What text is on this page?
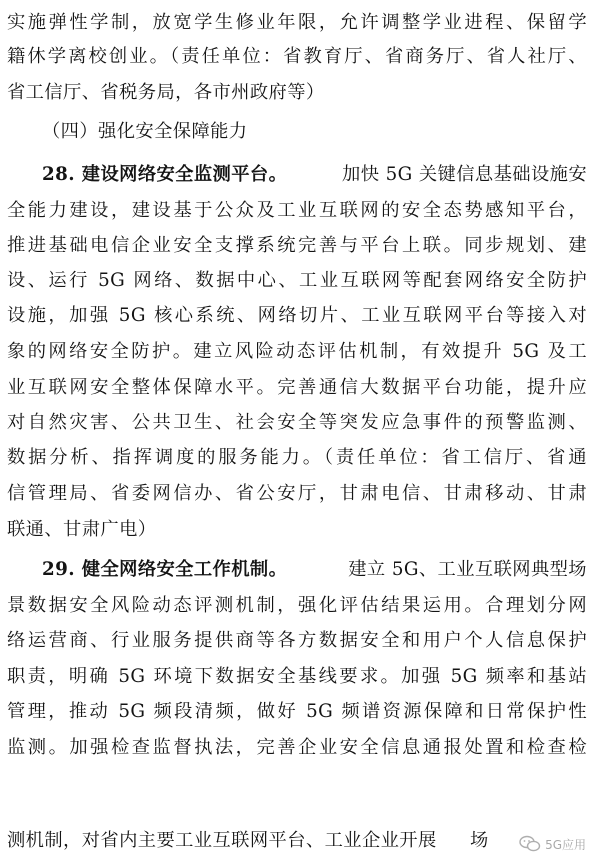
实施弹性学制，放宽学生修业年限，允许调整学业进程、保留学
籍休学离校创业。（责任单位：省教育厅、省商务厅、省人社厅、
省工信厅、省税务局，各市州政府等）
（四）强化安全保障能力
28. 建设网络安全监测平台。	加快 5G 关键信息基础设施安
全能力建设，建设基于公众及工业互联网的安全态势感知平台，
推进基础电信企业安全支撑系统完善与平台上联。同步规划、建
设、运行 5G 网络、数据中心、工业互联网等配套网络安全防护
设施，加强 5G 核心系统、网络切片、工业互联网平台等接入对
象的网络安全防护。建立风险动态评估机制，有效提升 5G 及工
业互联网安全整体保障水平。完善通信大数据平台功能，提升应
对自然灾害、公共卫生、社会安全等突发应急事件的预警监测、
数据分析、指挥调度的服务能力。（责任单位：省工信厅、省通
信管理局、省委网信办、省公安厅，甘肃电信、甘肃移动、甘肃
联通、甘肃广电）
29. 健全网络安全工作机制。	建立 5G、工业互联网典型场
景数据安全风险动态评测机制，强化评估结果运用。合理划分网
络运营商、行业服务提供商等各方数据安全和用户个人信息保护
职责，明确 5G 环境下数据安全基线要求。加强 5G 频率和基站
管理，推动 5G 频段清频，做好 5G 频谱资源保障和日常保护性
监测。加强检查监督执法，完善企业安全信息通报处置和检查检
测机制，对省内主要工业互联网平台、工业企业开展	场	5G应用
